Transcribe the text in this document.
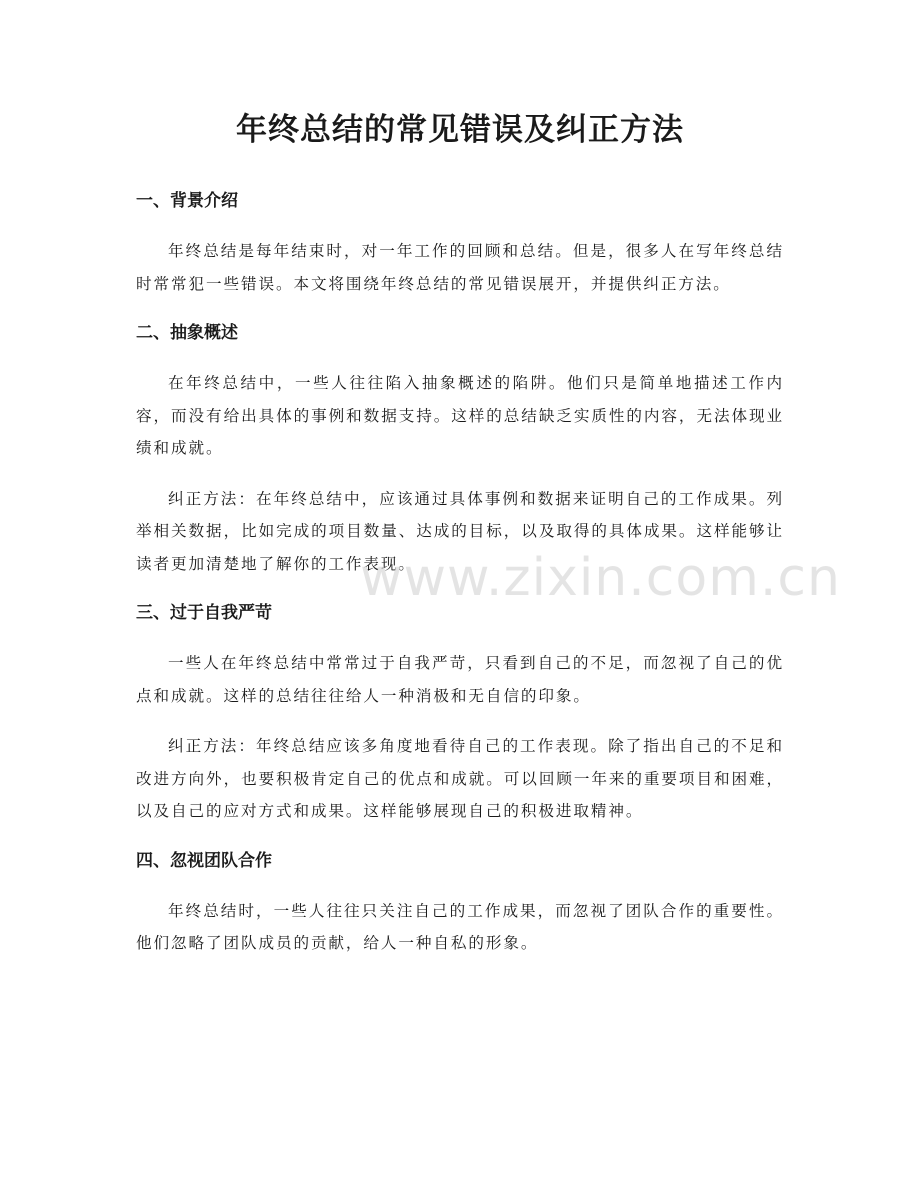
年终总结的常见错误及纠正方法
一、背景介绍

年终总结是每年结束时，对一年工作的回顾和总结。但是，很多人在写年终总结时常常犯一些错误。本文将围绕年终总结的常见错误展开，并提供纠正方法。

二、抽象概述

在年终总结中，一些人往往陷入抽象概述的陷阱。他们只是简单地描述工作内容，而没有给出具体的事例和数据支持。这样的总结缺乏实质性的内容，无法体现业绩和成就。

纠正方法：在年终总结中，应该通过具体事例和数据来证明自己的工作成果。列举相关数据，比如完成的项目数量、达成的目标，以及取得的具体成果。这样能够让读者更加清楚地了解你的工作表现。

三、过于自我严苛

一些人在年终总结中常常过于自我严苛，只看到自己的不足，而忽视了自己的优点和成就。这样的总结往往给人一种消极和无自信的印象。

纠正方法：年终总结应该多角度地看待自己的工作表现。除了指出自己的不足和改进方向外，也要积极肯定自己的优点和成就。可以回顾一年来的重要项目和困难，以及自己的应对方式和成果。这样能够展现自己的积极进取精神。

四、忽视团队合作

年终总结时，一些人往往只关注自己的工作成果，而忽视了团队合作的重要性。他们忽略了团队成员的贡献，给人一种自私的形象。

www.zixin.com.cn
